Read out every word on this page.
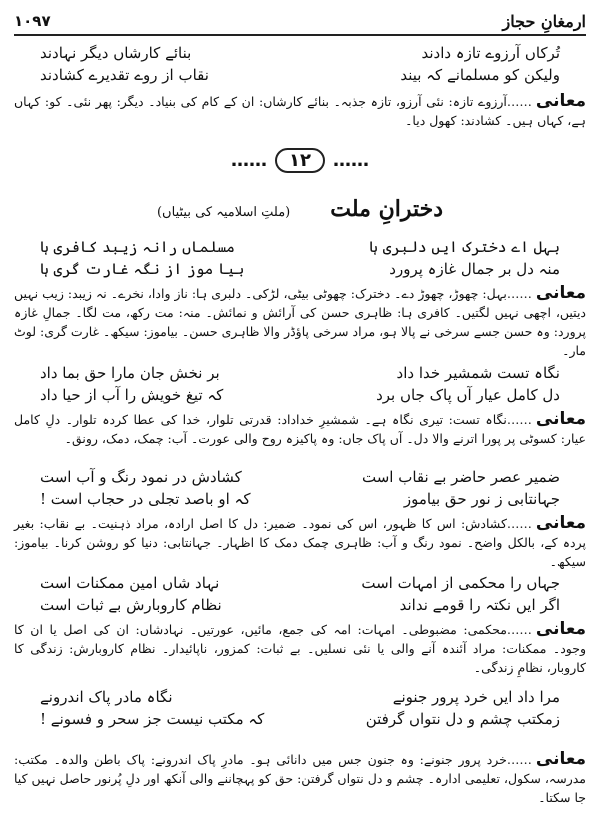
۱۰۹۷	ارمغانِ حجاز
تُرکاں آرزوے تازہ دادند
بنائے کارشاں دیگر نہادند
ولیکن کو مسلمانے کہ بیند
نقاب از روے تقدیرے کشادند
معانی……آرزوے تازہ: نئی آرزو، تازہ جذبہ۔ بنائے کارشاں: ان کے کام کی بنیاد۔ دیگر: پھر نئی۔ کو: کہاں ہے، کہاں ہیں۔ کشادند: کھول دیا۔
…… ۱۲ ……
دخترانِ ملت
(ملتِ اسلامیہ کی بیٹیاں)
بہل اے دخترک ایں دلبری ہا
مسلماں رانہ زیبد کافری ہا
منہ دل بر جمال غازہ پرورد
بیا موز از نگہ غارت گری ہا
معانی……بہل: چھوڑ، چھوڑ دے۔ دخترک: چھوٹی بیٹی، لڑکی۔ دلبری ہا: ناز وادا، نخرے۔ نہ زیبد: زیب نہیں دیتیں، اچھی نہیں لگتیں۔ کافری ہا: ظاہری حسن کی آرائش و نمائش۔ منہ: مت رکھ، مت لگا۔ جمالِ غازہ پرورد: وہ حسن جسے سرخی نے پالا ہو، مراد سرخی پاؤڈر والا ظاہری حسن۔ بیاموز: سیکھ۔ غارت گری: لوٹ مار۔
نگاہ تست شمشیر خدا داد
بر نخش جان مارا حق بما داد
دل کامل عیار آں پاک جاں برد
کہ تیغ خویش را آب از حیا داد
معانی……نگاہ تست: تیری نگاہ ہے۔ شمشیرِ خداداد: قدرتی تلوار، خدا کی عطا کردہ تلوار۔ دلِ کامل عیار: کسوٹی پر پورا اترنے والا دل۔ آں پاک جاں: وہ پاکیزہ روح والی عورت۔ آب: چمک، دمک، رونق۔
ضمیر عصر حاضر بے نقاب است
کشادش در نمود رنگ و آب است
جہانتابی ز نور حق بیاموز
کہ او باصد تجلی در حجاب است !
معانی……کشادش: اس کا ظہور، اس کی نمود۔ ضمیر: دل کا اصل ارادہ، مراد ذہنیت۔ بے نقاب: بغیر پردہ کے، بالکل واضح۔ نمود رنگ و آب: ظاہری چمک دمک کا اظہار۔ جہانتابی: دنیا کو روشن کرنا۔ بیاموز: سیکھ۔
جہاں را محکمی از امہات است
نہاد شاں امین ممکنات است
اگر ایں نکتہ را قومے نداند
نظام کاروبارش بے ثبات است
معانی……محکمی: مضبوطی۔ امہات: امہ کی جمع، مائیں، عورتیں۔ نہادشاں: ان کی اصل یا ان کا وجود۔ ممکنات: مراد آئندہ آنے والی یا نئی نسلیں۔ بے ثبات: کمزور، ناپائیدار۔ نظام کاروبارش: زندگی کا کاروبار، نظامِ زندگی۔
مرا داد ایں خرد پرور جنونے
نگاہ مادر پاک اندرونے
زمکتب چشم و دل نتواں گرفتن
کہ مکتب نیست جز سحر و فسونے !
معانی……خرد پرور جنونے: وہ جنون جس میں دانائی ہو۔ مادرِ پاک اندرونے: پاک باطن والدہ۔ مکتب: مدرسہ، سکول، تعلیمی ادارہ۔ چشم و دل نتواں گرفتن: حق کو پہچاننے والی آنکھ اور دلِ پُرنور حاصل نہیں کیا جا سکتا۔
